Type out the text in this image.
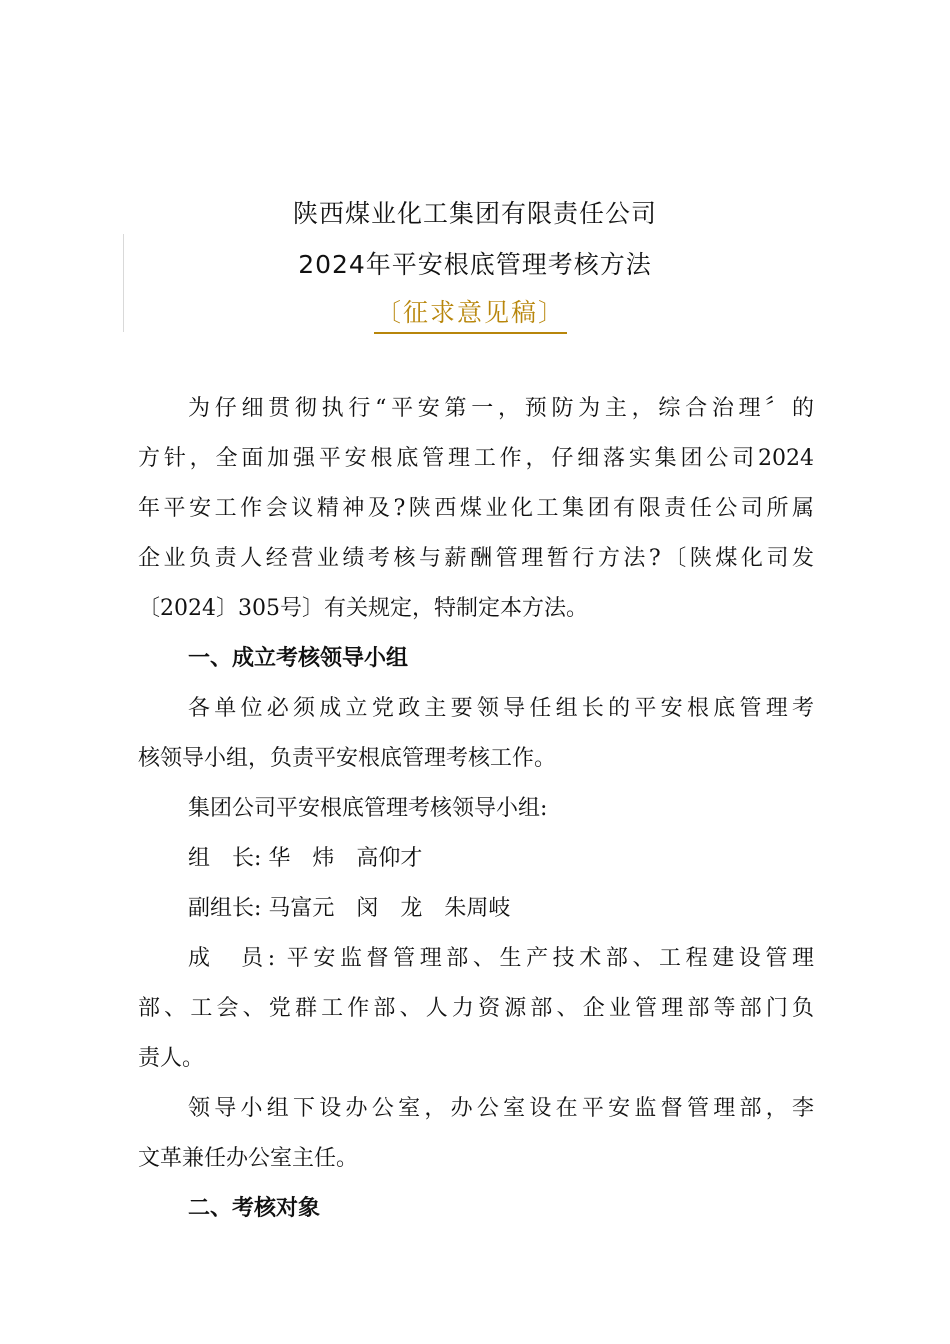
陕西煤业化工集团有限责任公司
2024年平安根底管理考核方法
〔征求意见稿〕
为仔细贯彻执行“平安第一，预防为主，综合治理〞的
方针，全面加强平安根底管理工作，仔细落实集团公司2024
年平安工作会议精神及?陕西煤业化工集团有限责任公司所属
企业负责人经营业绩考核与薪酬管理暂行方法?〔陕煤化司发
〔2024〕305号〕有关规定，特制定本方法。
一、成立考核领导小组
各单位必须成立党政主要领导任组长的平安根底管理考
核领导小组，负责平安根底管理考核工作。
集团公司平安根底管理考核领导小组:
组　长: 华　炜　高仰才
副组长: 马富元　闵　龙　朱周岐
成　员: 平安监督管理部、生产技术部、工程建设管理
部、工会、党群工作部、人力资源部、企业管理部等部门负
责人。
领导小组下设办公室，办公室设在平安监督管理部，李
文革兼任办公室主任。
二、考核对象
